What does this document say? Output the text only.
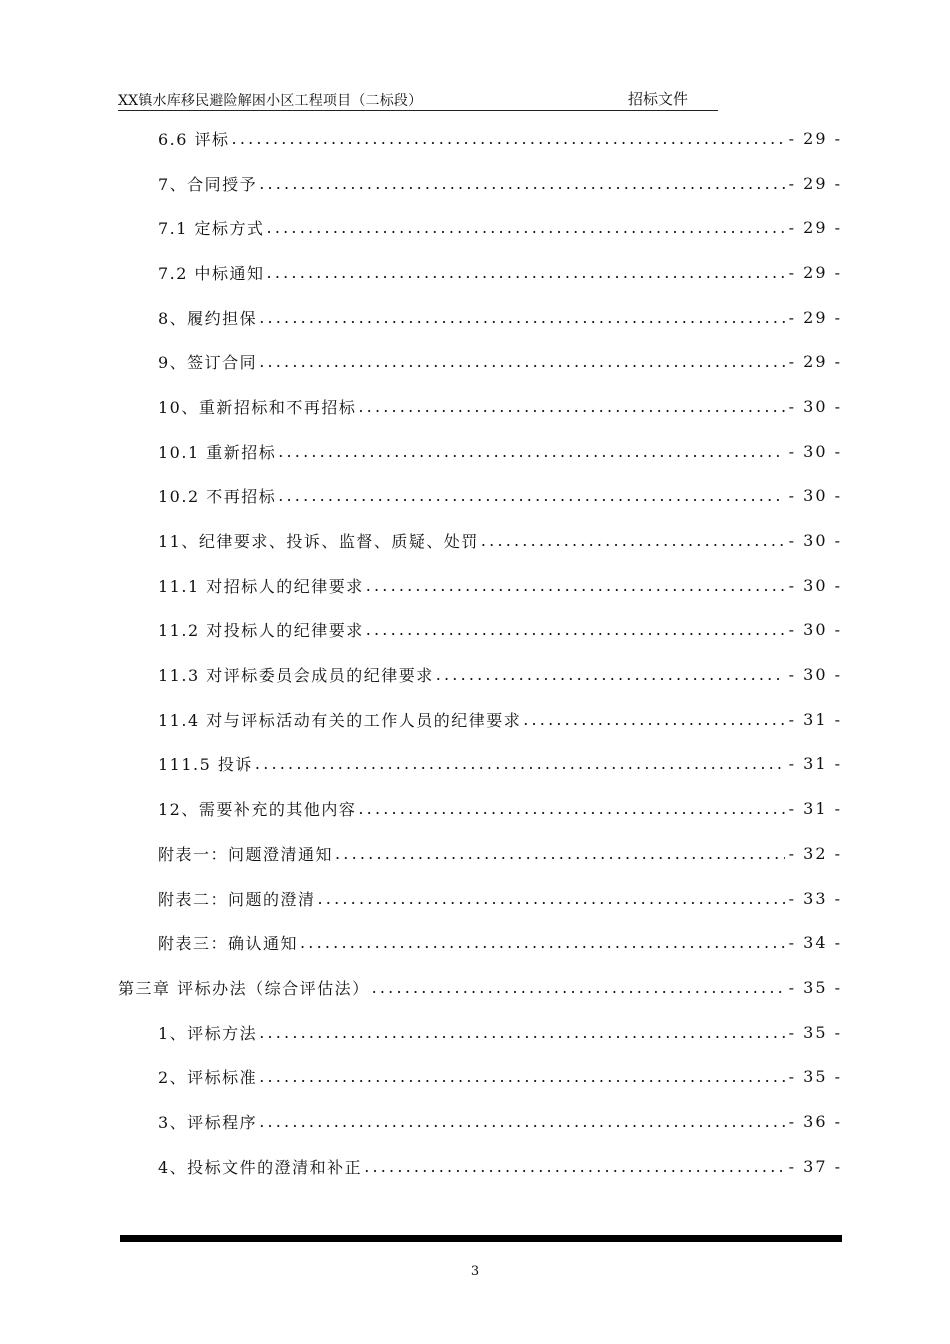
XX镇水库移民避险解困小区工程项目（二标段）	招标文件
6.6 评标 .....	- 29 -
7、合同授予 .....	- 29 -
7.1 定标方式 .....	- 29 -
7.2 中标通知 .....	- 29 -
8、履约担保 .....	- 29 -
9、签订合同 .....	- 29 -
10、重新招标和不再招标 .....	- 30 -
10.1 重新招标 .....	- 30 -
10.2 不再招标 .....	- 30 -
11、纪律要求、投诉、监督、质疑、处罚 .....	- 30 -
11.1 对招标人的纪律要求 .....	- 30 -
11.2 对投标人的纪律要求 .....	- 30 -
11.3 对评标委员会成员的纪律要求 .....	- 30 -
11.4 对与评标活动有关的工作人员的纪律要求 .....	- 31 -
111.5 投诉 .....	- 31 -
12、需要补充的其他内容 .....	- 31 -
附表一：问题澄清通知 .....	- 32 -
附表二：问题的澄清 .....	- 33 -
附表三：确认通知 .....	- 34 -
第三章 评标办法（综合评估法） .....	- 35 -
1、评标方法 .....	- 35 -
2、评标标准 .....	- 35 -
3、评标程序 .....	- 36 -
4、投标文件的澄清和补正 .....	- 37 -
3
